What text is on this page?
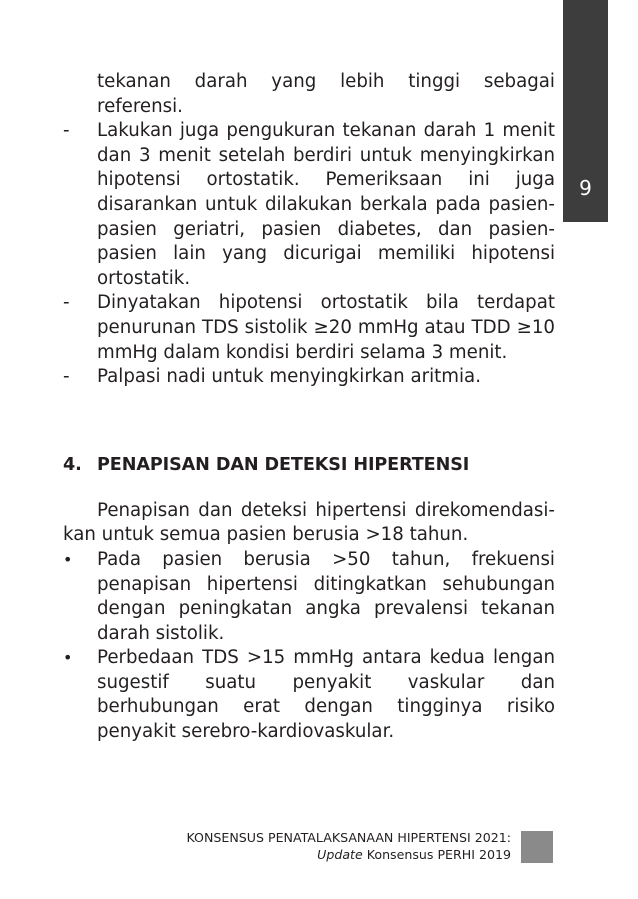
9

tekanan darah yang lebih tinggi sebagai referensi.

-	Lakukan juga pengukuran tekanan darah 1 menit dan 3 menit setelah berdiri untuk menyingkirkan hipotensi ortostatik. Pemeriksaan ini juga disarankan untuk dilakukan berkala pada pasien-pasien geriatri, pasien diabetes, dan pasien-pasien lain yang dicurigai memiliki hipotensi ortostatik.
-	Dinyatakan hipotensi ortostatik bila terdapat penurunan TDS sistolik ≥20 mmHg atau TDD ≥10 mmHg dalam kondisi berdiri selama 3 menit.
-	Palpasi nadi untuk menyingkirkan aritmia.

4. PENAPISAN DAN DETEKSI HIPERTENSI

Penapisan dan deteksi hipertensi direkomendasi-kan untuk semua pasien berusia >18 tahun.

•	Pada pasien berusia >50 tahun, frekuensi penapisan hipertensi ditingkatkan sehubungan dengan peningkatan angka prevalensi tekanan darah sistolik.
•	Perbedaan TDS >15 mmHg antara kedua lengan sugestif suatu penyakit vaskular dan berhubungan erat dengan tingginya risiko penyakit serebro-kardiovaskular.
KONSENSUS PENATALAKSANAAN HIPERTENSI 2021:
Update Konsensus PERHI 2019
